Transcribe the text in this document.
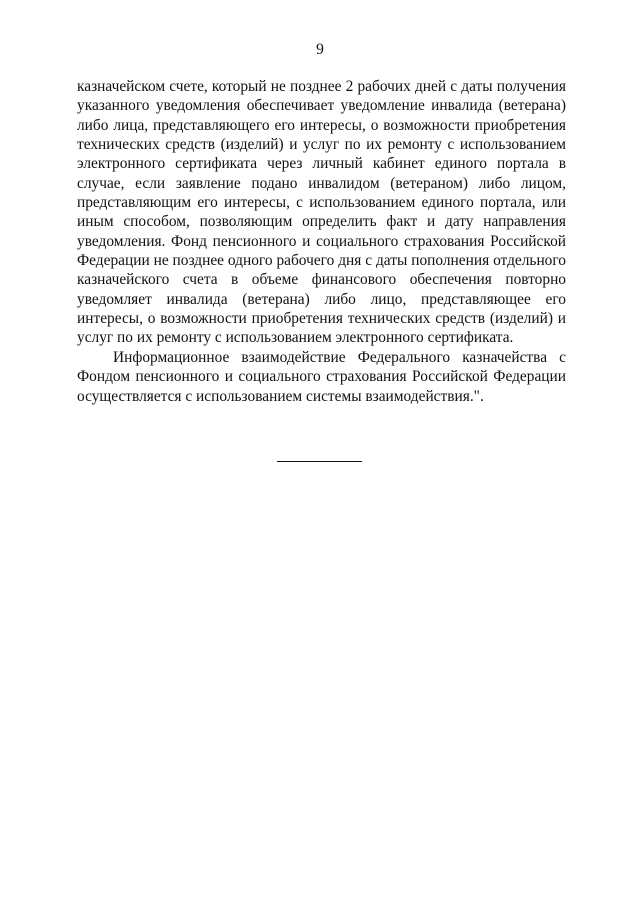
9

казначейском счете, который не позднее 2 рабочих дней с даты получения указанного уведомления обеспечивает уведомление инвалида (ветерана) либо лица, представляющего его интересы, о возможности приобретения технических средств (изделий) и услуг по их ремонту с использованием электронного сертификата через личный кабинет единого портала в случае, если заявление подано инвалидом (ветераном) либо лицом, представляющим его интересы, с использованием единого портала, или иным способом, позволяющим определить факт и дату направления уведомления. Фонд пенсионного и социального страхования Российской Федерации не позднее одного рабочего дня с даты пополнения отдельного казначейского счета в объеме финансового обеспечения повторно уведомляет инвалида (ветерана) либо лицо, представляющее его интересы, о возможности приобретения технических средств (изделий) и услуг по их ремонту с использованием электронного сертификата.

Информационное взаимодействие Федерального казначейства с Фондом пенсионного и социального страхования Российской Федерации осуществляется с использованием системы взаимодействия.".
